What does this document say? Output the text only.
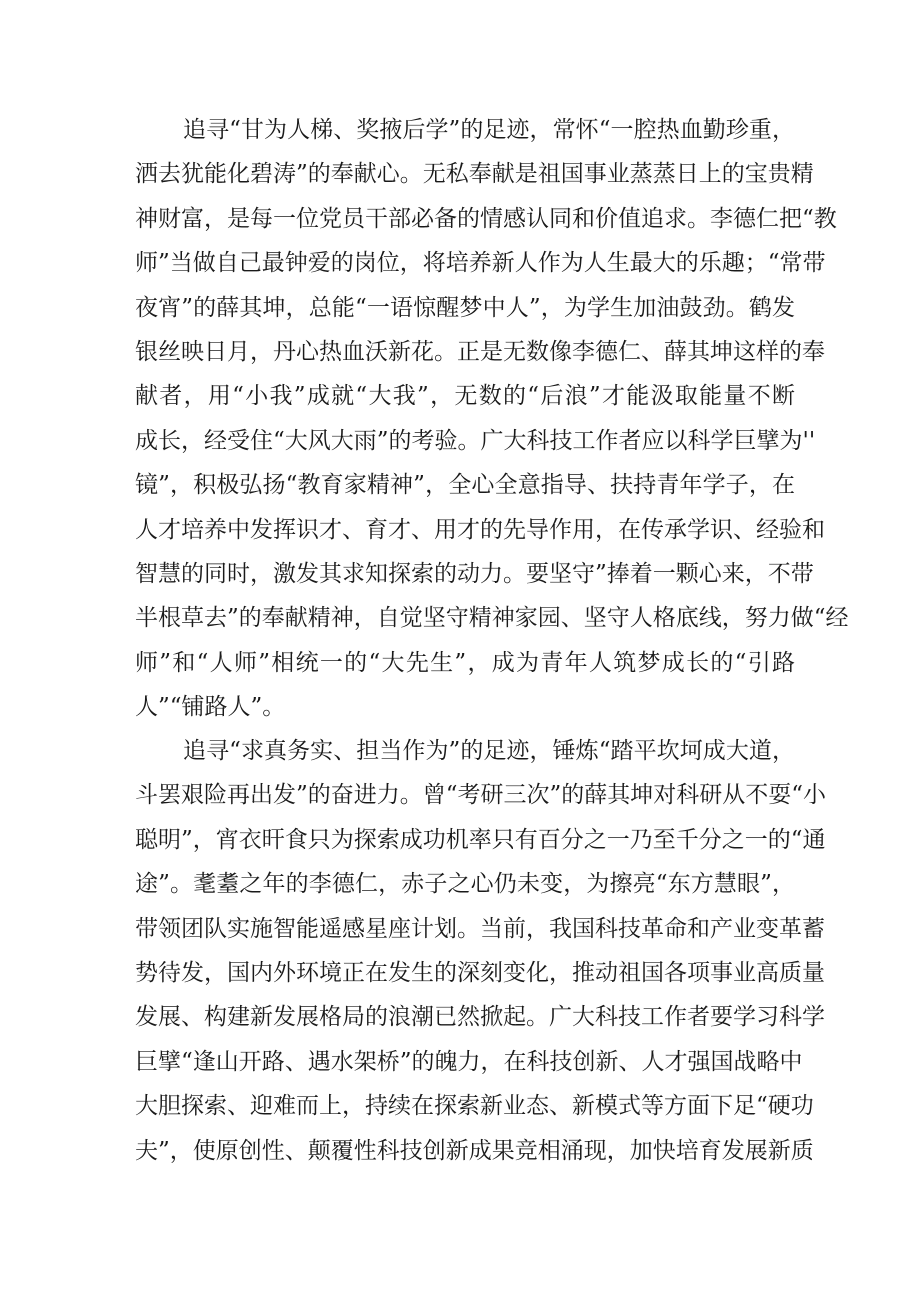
追寻“甘为人梯、奖掖后学”的足迹，常怀“一腔热血勤珍重，
洒去犹能化碧涛”的奉献心。无私奉献是祖国事业蒸蒸日上的宝贵精
神财富，是每一位党员干部必备的情感认同和价值追求。李德仁把“教
师”当做自己最钟爱的岗位，将培养新人作为人生最大的乐趣；“常带
夜宵”的薛其坤，总能“一语惊醒梦中人”，为学生加油鼓劲。鹤发
银丝映日月，丹心热血沃新花。正是无数像李德仁、薛其坤这样的奉
献者，用“小我”成就“大我”，无数的“后浪”才能汲取能量不断
成长，经受住“大风大雨”的考验。广大科技工作者应以科学巨擘为''
镜”，积极弘扬“教育家精神”，全心全意指导、扶持青年学子，在
人才培养中发挥识才、育才、用才的先导作用，在传承学识、经验和
智慧的同时，激发其求知探索的动力。要坚守”捧着一颗心来，不带
半根草去”的奉献精神，自觉坚守精神家园、坚守人格底线，努力做“经
师”和“人师”相统一的“大先生”，成为青年人筑梦成长的“引路
人”“铺路人”。
追寻“求真务实、担当作为”的足迹，锤炼“踏平坎坷成大道，
斗罢艰险再出发”的奋进力。曾“考研三次”的薛其坤对科研从不耍“小
聪明”，宵衣旰食只为探索成功机率只有百分之一乃至千分之一的“通
途”。耄耋之年的李德仁，赤子之心仍未变，为擦亮“东方慧眼”，
带领团队实施智能遥感星座计划。当前，我国科技革命和产业变革蓄
势待发，国内外环境正在发生的深刻变化，推动祖国各项事业高质量
发展、构建新发展格局的浪潮已然掀起。广大科技工作者要学习科学
巨擘“逢山开路、遇水架桥”的魄力，在科技创新、人才强国战略中
大胆探索、迎难而上，持续在探索新业态、新模式等方面下足“硬功
夫”，使原创性、颠覆性科技创新成果竞相涌现，加快培育发展新质
